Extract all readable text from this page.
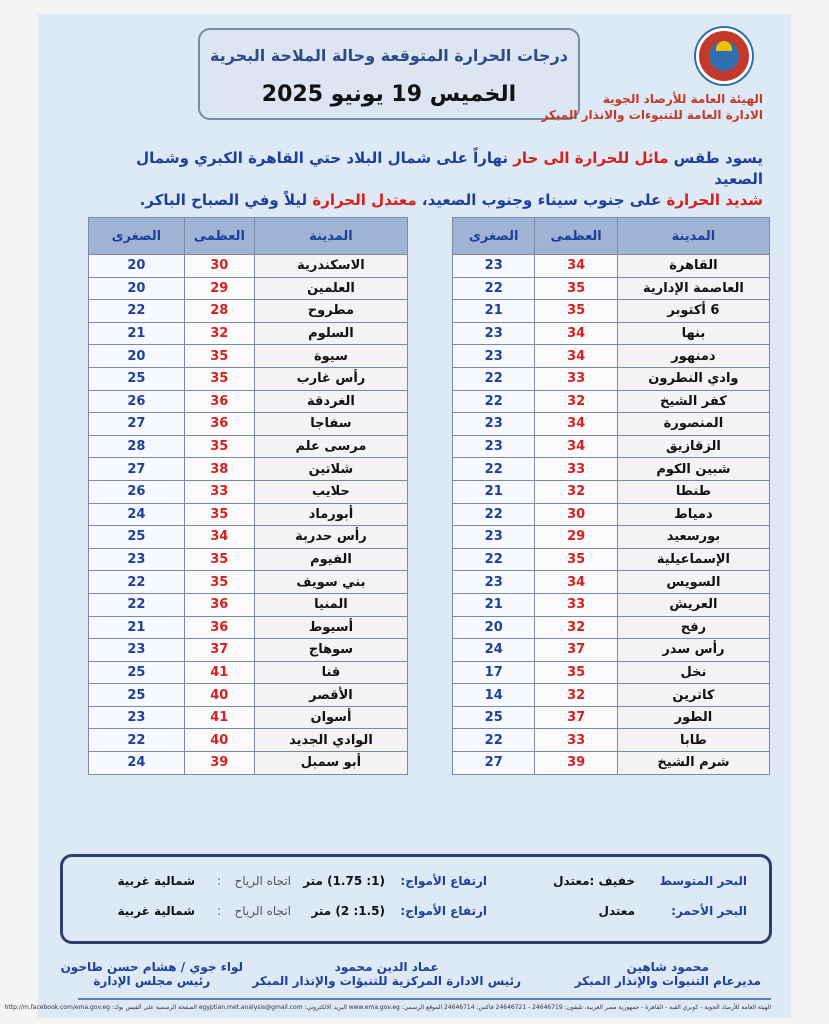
درجات الحرارة المتوقعة وحالة الملاحة البحرية
الخميس 19 يونيو 2025	الهيئة العامة للأرصاد الجوية
الادارة العامة للتنبوءات والانذار المبكر
يسود طقس مائل للحرارة الى حار نهاراً على شمال البلاد حتي القاهرة الكبري وشمال الصعيد
شديد الحرارة على جنوب سيناء وجنوب الصعيد، معتدل الحرارة ليلاً وفي الصباح الباكر.
المدينة	العظمى	الصغرى
القاهرة	34	23
العاصمة الإدارية	35	22
6 أكتوبر	35	21
بنها	34	23
دمنهور	34	23
وادي النطرون	33	22
كفر الشيخ	32	22
المنصورة	34	23
الزقازيق	34	23
شبين الكوم	33	22
طنطا	32	21
دمياط	30	22
بورسعيد	29	23
الإسماعيلية	35	22
السويس	34	23
العريش	33	21
رفح	32	20
رأس سدر	37	24
نخل	35	17
كاترين	32	14
الطور	37	25
طابا	33	22
شرم الشيخ	39	27
المدينة	العظمى	الصغرى
الاسكندرية	30	20
العلمين	29	20
مطروح	28	22
السلوم	32	21
سيوة	35	20
رأس غارب	35	25
الغردقة	36	26
سفاجا	36	27
مرسى علم	35	28
شلاتين	38	27
حلايب	33	26
أبورماد	35	24
رأس حدربة	34	25
الفيوم	35	23
بني سويف	35	22
المنيا	36	22
أسيوط	36	21
سوهاج	37	23
قنا	41	25
الأقصر	40	25
أسوان	41	23
الوادي الجديد	40	22
أبو سمبل	39	24
البحر المتوسط
خفيف :معتدل
ارتفاع الأمواج:
(1: 1.75) متر
اتجاه الرياح
:
شمالية غربية
البحر الأحمر:
معتدل
ارتفاع الأمواج:
(1.5: 2) متر
اتجاه الرياح
:
شمالية غربية
محمود شاهين
مديرعام التنبوات والإنذار المبكر
عماد الدين محمود
رئيس الادارة المركزية للتنبؤات والإنذار المبكر
لواء جوي / هشام حسن طاحون
رئيس مجلس الإدارة
الهيئة العامة للأرصاد الجوية - كوبري القبة - القاهرة - جمهورية مصر العربية، تليفون: 24646719 - 24646721 فاكس: 24646714 الموقع الرسمي: www.ema.gov.eg البريد الالكتروني: egyptian.met.analysis@gmail.com الصفحة الرسمية على الفيس بوك: http://m.facebook.com/ema.gov.eg
